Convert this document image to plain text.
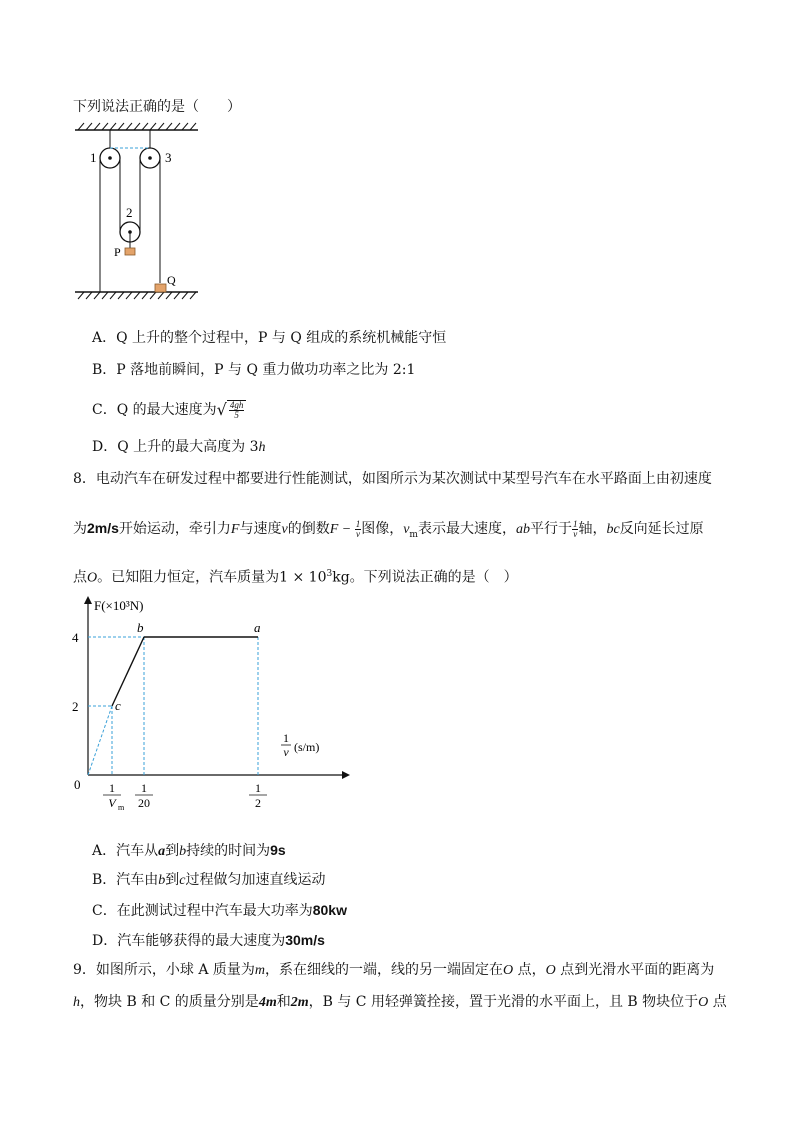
下列说法正确的是（　　）
1	3
2
P
Q
A．Q 上升的整个过程中，P 与 Q 组成的系统机械能守恒
B．P 落地前瞬间，P 与 Q 重力做功功率之比为 2:1
C．Q 的最大速度为√ $\frac{4gh}{5}$
D．Q 上升的最大高度为 3h
8．电动汽车在研发过程中都要进行性能测试，如图所示为某次测试中某型号汽车在水平路面上由初速度
为2m/s开始运动，牵引力F与速度v的倒数$F - \frac{1}{v}$ 图像，$v_m$表示最大速度，ab平行于 $\frac{1}{v}$ 轴，bc反向延长过原
点O。已知阻力恒定，汽车质量为$1 \times 10^3kg$。下列说法正确的是（　）
a
b
c
4
2
0
F(×10³N)
1
v (s/m)
1
V m
1
20
1
2
A．汽车从a到b持续的时间为9s
B．汽车由b到c过程做匀加速直线运动
C．在此测试过程中汽车最大功率为80kw
D．汽车能够获得的最大速度为30m/s
9．如图所示，小球 A 质量为m，系在细线的一端，线的另一端固定在O 点，O 点到光滑水平面的距离为
h，物块 B 和 C 的质量分别是4m和2m，B 与 C 用轻弹簧拴接，置于光滑的水平面上，且 B 物块位于O 点
